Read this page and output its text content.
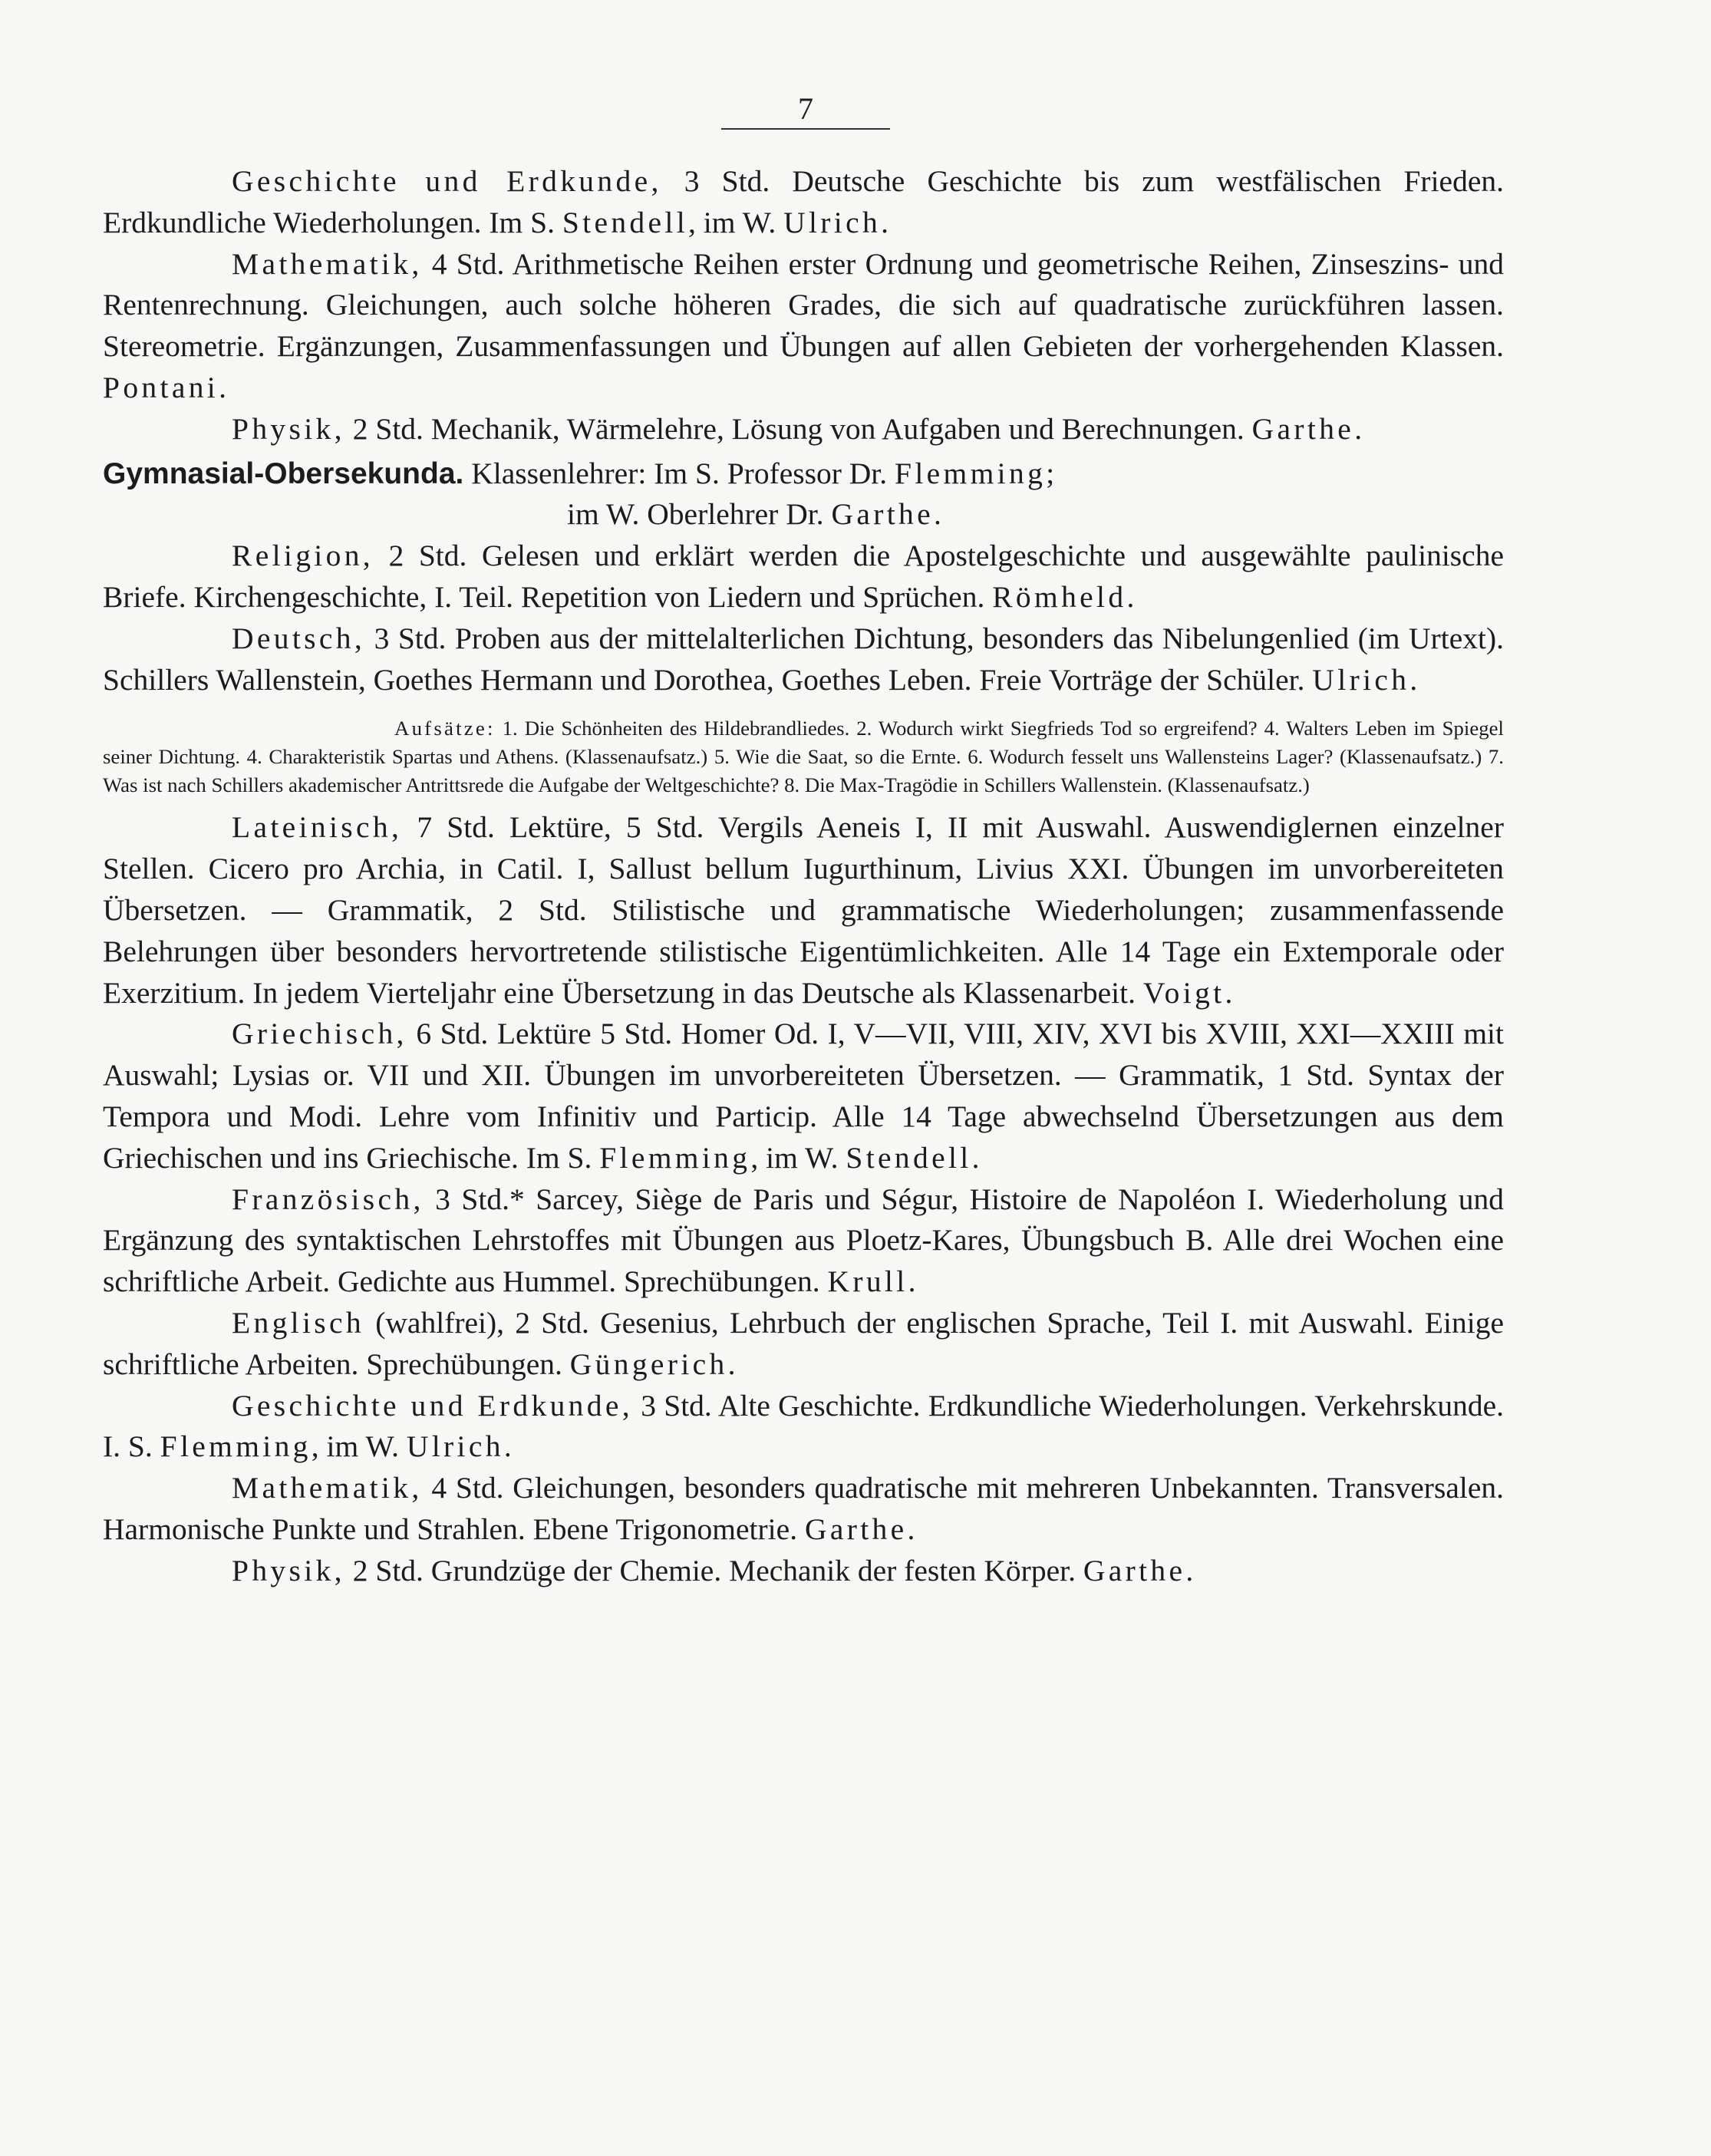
7

Geschichte und Erdkunde, 3 Std. Deutsche Geschichte bis zum westfälischen Frieden. Erdkundliche Wiederholungen. Im S. Stendell, im W. Ulrich.

Mathematik, 4 Std. Arithmetische Reihen erster Ordnung und geometrische Reihen, Zinseszins- und Rentenrechnung. Gleichungen, auch solche höheren Grades, die sich auf quadratische zurückführen lassen. Stereometrie. Ergänzungen, Zusammenfassungen und Übungen auf allen Gebieten der vorhergehenden Klassen. Pontani.

Physik, 2 Std. Mechanik, Wärmelehre, Lösung von Aufgaben und Berechnungen. Garthe.

Gymnasial-Obersekunda. Klassenlehrer: Im S. Professor Dr. Flemming;
im W. Oberlehrer Dr. Garthe.

Religion, 2 Std. Gelesen und erklärt werden die Apostelgeschichte und ausgewählte paulinische Briefe. Kirchengeschichte, I. Teil. Repetition von Liedern und Sprüchen. Römheld.

Deutsch, 3 Std. Proben aus der mittelalterlichen Dichtung, besonders das Nibelungenlied (im Urtext). Schillers Wallenstein, Goethes Hermann und Dorothea, Goethes Leben. Freie Vorträge der Schüler. Ulrich.

Aufsätze: 1. Die Schönheiten des Hildebrandliedes. 2. Wodurch wirkt Siegfrieds Tod so ergreifend? 4. Walters Leben im Spiegel seiner Dichtung. 4. Charakteristik Spartas und Athens. (Klassenaufsatz.) 5. Wie die Saat, so die Ernte. 6. Wodurch fesselt uns Wallensteins Lager? (Klassenaufsatz.) 7. Was ist nach Schillers akademischer Antrittsrede die Aufgabe der Weltgeschichte? 8. Die Max-Tragödie in Schillers Wallenstein. (Klassenaufsatz.)

Lateinisch, 7 Std. Lektüre, 5 Std. Vergils Aeneis I, II mit Auswahl. Auswendiglernen einzelner Stellen. Cicero pro Archia, in Catil. I, Sallust bellum Iugurthinum, Livius XXI. Übungen im unvorbereiteten Übersetzen. — Grammatik, 2 Std. Stilistische und grammatische Wiederholungen; zusammenfassende Belehrungen über besonders hervortretende stilistische Eigentümlichkeiten. Alle 14 Tage ein Extemporale oder Exerzitium. In jedem Vierteljahr eine Übersetzung in das Deutsche als Klassenarbeit. Voigt.

Griechisch, 6 Std. Lektüre 5 Std. Homer Od. I, V—VII, VIII, XIV, XVI bis XVIII, XXI—XXIII mit Auswahl; Lysias or. VII und XII. Übungen im unvorbereiteten Übersetzen. — Grammatik, 1 Std. Syntax der Tempora und Modi. Lehre vom Infinitiv und Particip. Alle 14 Tage abwechselnd Übersetzungen aus dem Griechischen und ins Griechische. Im S. Flemming, im W. Stendell.

Französisch, 3 Std.* Sarcey, Siège de Paris und Ségur, Histoire de Napoléon I. Wiederholung und Ergänzung des syntaktischen Lehrstoffes mit Übungen aus Ploetz-Kares, Übungsbuch B. Alle drei Wochen eine schriftliche Arbeit. Gedichte aus Hummel. Sprechübungen. Krull.

Englisch (wahlfrei), 2 Std. Gesenius, Lehrbuch der englischen Sprache, Teil I. mit Auswahl. Einige schriftliche Arbeiten. Sprechübungen. Güngerich.

Geschichte und Erdkunde, 3 Std. Alte Geschichte. Erdkundliche Wiederholungen. Verkehrskunde. I. S. Flemming, im W. Ulrich.

Mathematik, 4 Std. Gleichungen, besonders quadratische mit mehreren Unbekannten. Transversalen. Harmonische Punkte und Strahlen. Ebene Trigonometrie. Garthe.

Physik, 2 Std. Grundzüge der Chemie. Mechanik der festen Körper. Garthe.
